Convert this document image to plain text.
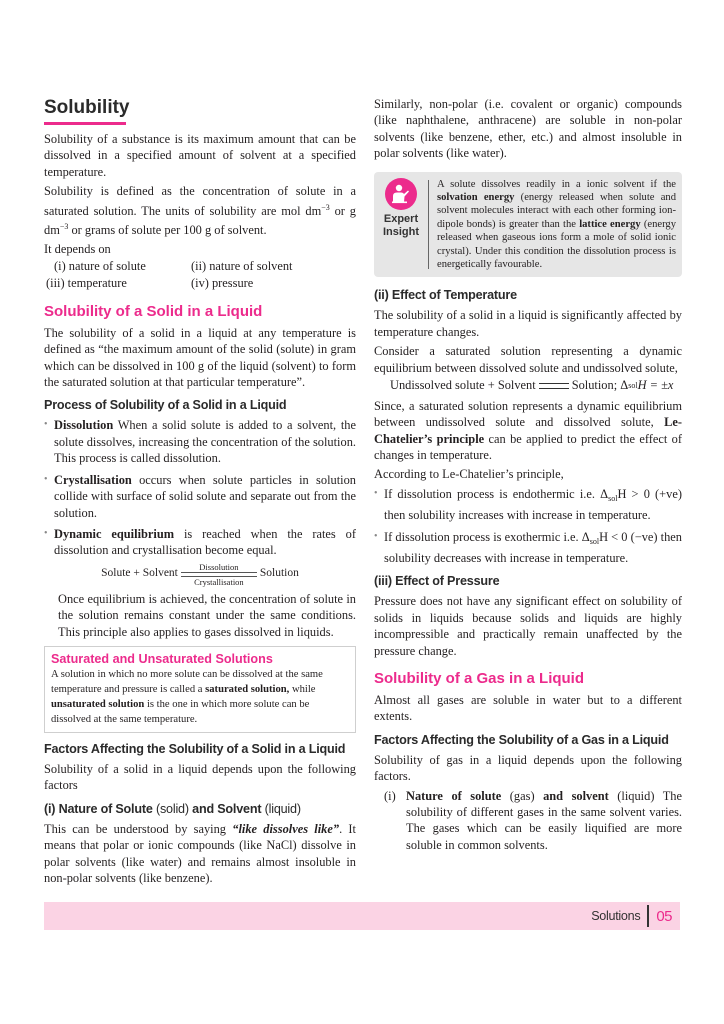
Solubility

Solubility of a substance is its maximum amount that can be dissolved in a specified amount of solvent at a specified temperature.

Solubility is defined as the concentration of solute in a saturated solution. The units of solubility are mol $dm^{-3}$ or g $dm^{-3}$ or grams of solute per 100 g of solvent.

It depends on

(i) nature of solute	(ii) nature of solvent
(iii) temperature	(iv) pressure
Solubility of a Solid in a Liquid

The solubility of a solid in a liquid at any temperature is defined as “the maximum amount of the solid (solute) in gram which can be dissolved in 100 g of the liquid (solvent) to form the saturated solution at that particular temperature”.

Process of Solubility of a Solid in a Liquid
• Dissolution When a solid solute is added to a solvent, the solute dissolves, increasing the concentration of the solution. This process is called dissolution.
• Crystallisation occurs when solute particles in solution collide with surface of solid solute and separate out from the solution.
• Dynamic equilibrium is reached when the rates of dissolution and crystallisation become equal.
Solute + Solvent
Dissolution
Crystallisation
Solution

Once equilibrium is achieved, the concentration of solute in the solution remains constant under the same conditions. This principle also applies to gases dissolved in liquids.

Saturated and Unsaturated Solutions
A solution in which no more solute can be dissolved at the same temperature and pressure is called a saturated solution, while unsaturated solution is the one in which more solute can be dissolved at the same temperature.
Factors Affecting the Solubility of a Solid in a Liquid

Solubility of a solid in a liquid depends upon the following factors

(i) Nature of Solute (solid) and Solvent (liquid)

This can be understood by saying “like dissolves like”. It means that polar or ionic compounds (like NaCl) dissolve in polar solvents (like water) and remains almost insoluble in non-polar solvents (like benzene).

Similarly, non-polar (i.e. covalent or organic) compounds (like naphthalene, anthracene) are soluble in non-polar solvents (like benzene, ether, etc.) and almost insoluble in polar solvents (like water).

Expert
Insight
A solute dissolves readily in a ionic solvent if the solvation energy (energy released when solute and solvent molecules interact with each other forming ion-dipole bonds) is greater than the lattice energy (energy released when gaseous ions form a mole of solid ionic crystal). Under this condition the dissolution process is energetically favourable.
(ii) Effect of Temperature

The solubility of a solid in a liquid is significantly affected by temperature changes.

Consider a saturated solution representing a dynamic equilibrium between dissolved solute and undissolved solute,

Undissolved solute + Solvent	Solution; Δ sol H = ±x

Since, a saturated solution represents a dynamic equilibrium between undissolved solute and dissolved solute, Le-Chatelier’s principle can be applied to predict the effect of changes in temperature.

According to Le-Chatelier’s principle,

• If dissolution process is endothermic i.e. $\Delta_{sol}H > 0$ (+ve) then solubility increases with increase in temperature.
• If dissolution process is exothermic i.e. $\Delta_{sol}H < 0$ (−ve) then solubility decreases with increase in temperature.
(iii) Effect of Pressure

Pressure does not have any significant effect on solubility of solids in liquids because solids and liquids are highly incompressible and practically remain unaffected by the pressure change.

Solubility of a Gas in a Liquid

Almost all gases are soluble in water but to a different extents.

Factors Affecting the Solubility of a Gas in a Liquid

Solubility of gas in a liquid depends upon the following factors.

(i) Nature of solute (gas) and solvent (liquid) The solubility of different gases in the same solvent varies. The gases which can be easily liquified are more soluble in common solvents.
Solutions 05
